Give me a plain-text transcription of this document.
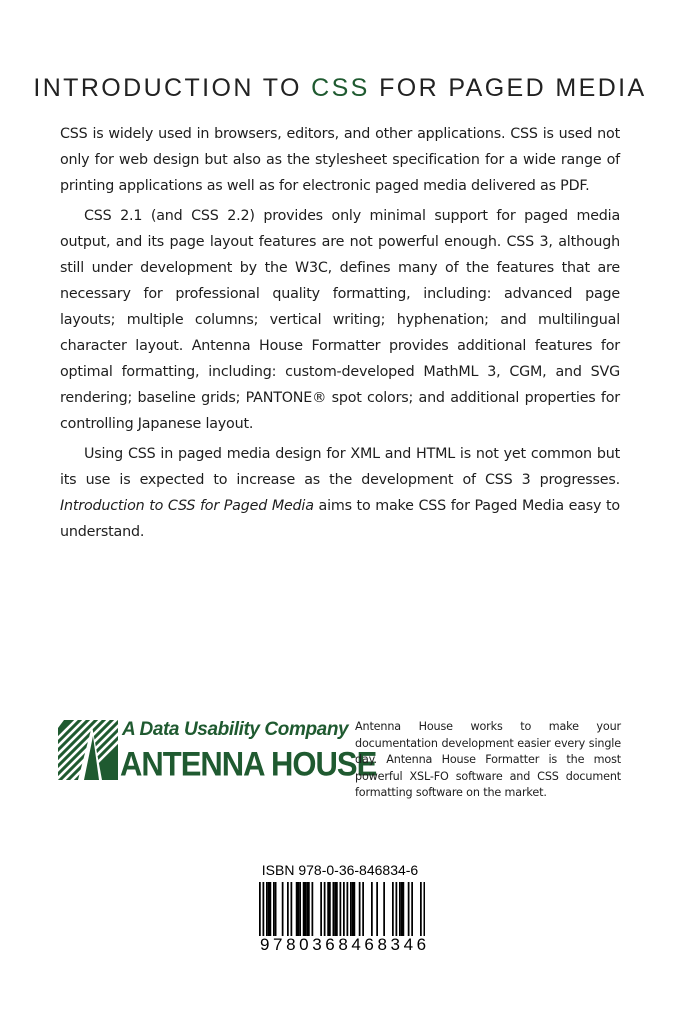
INTRODUCTION TO CSS FOR PAGED MEDIA

CSS is widely used in browsers, editors, and other applications. CSS is used not only for web design but also as the stylesheet specification for a wide range of printing applications as well as for electronic paged media delivered as PDF.

CSS 2.1 (and CSS 2.2) provides only minimal support for paged media output, and its page layout features are not powerful enough. CSS 3, although still under development by the W3C, defines many of the features that are necessary for professional quality formatting, including: advanced page layouts; multiple columns; vertical writing; hyphenation; and multilingual character layout. Antenna House Formatter provides additional features for optimal formatting, including: custom-developed MathML 3, CGM, and SVG rendering; baseline grids; PANTONE® spot colors; and additional properties for controlling Japanese layout.

Using CSS in paged media design for XML and HTML is not yet common but its use is expected to increase as the development of CSS 3 progresses. Introduction to CSS for Paged Media aims to make CSS for Paged Media easy to understand.

A Data Usability Company
ANTENNA HOUSE
Antenna House works to make your documentation development easier every single day. Antenna House Formatter is the most powerful XSL-FO software and CSS document formatting software on the market.
ISBN 978-0-36-846834-6
9780368468346
